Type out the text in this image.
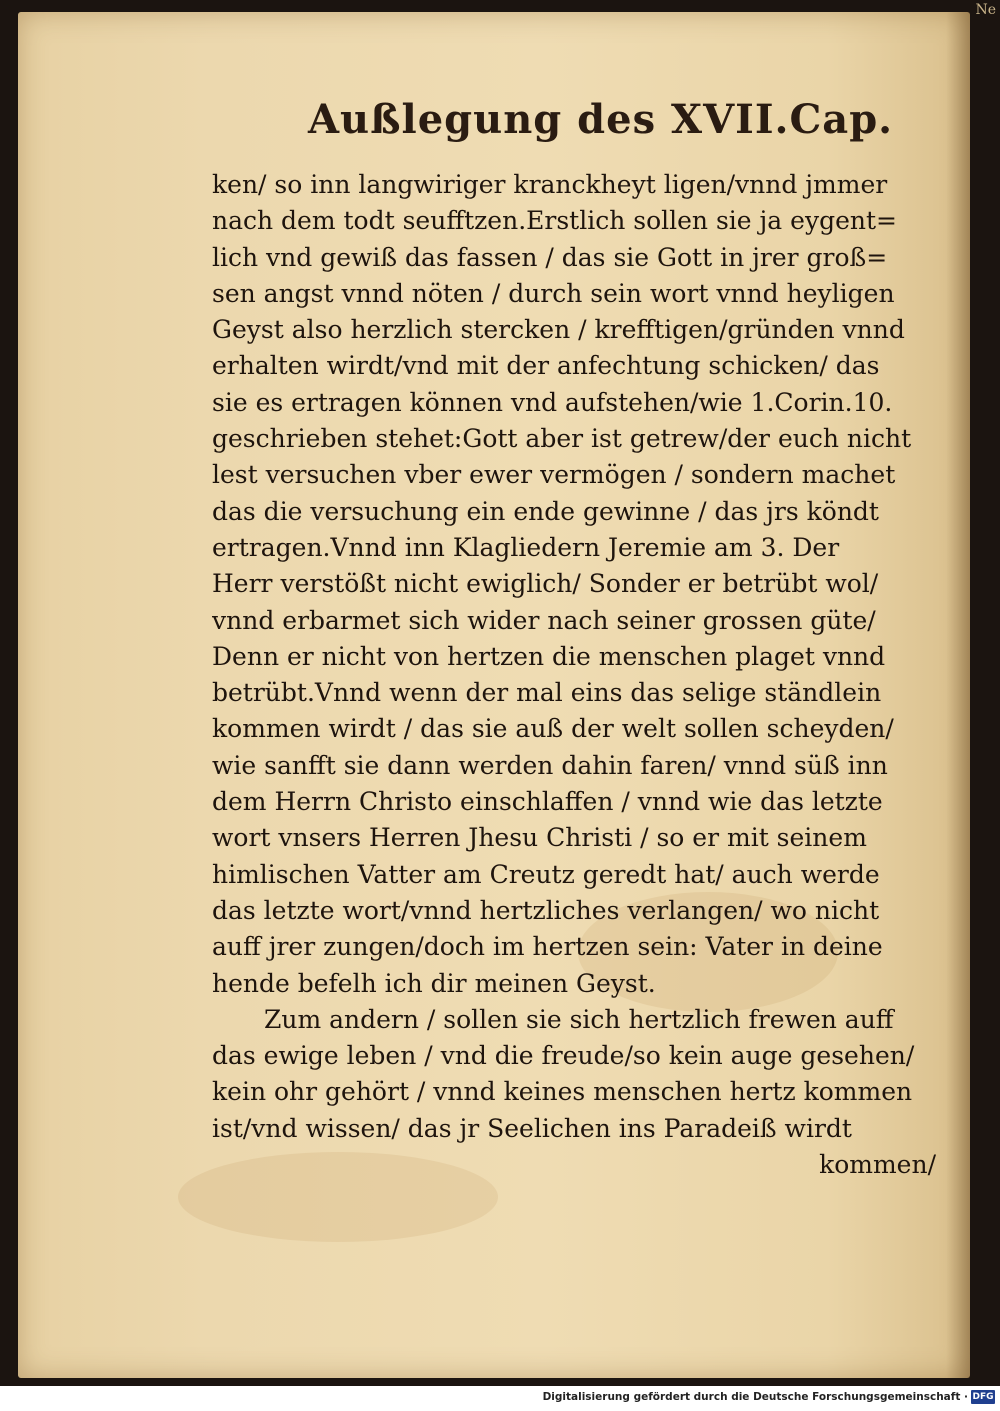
Ne
Außlegung des XVII.Cap.
ken/ so inn langwiriger kranckheyt ligen/vnnd jmmer
nach dem todt seufftzen.Erstlich sollen sie ja eygent=
lich vnd gewiß das fassen / das sie Gott in jrer groß=
sen angst vnnd nöten / durch sein wort vnnd heyligen
Geyst also herzlich stercken / krefftigen/gründen vnnd
erhalten wirdt/vnd mit der anfechtung schicken/ das
sie es ertragen können vnd aufstehen/wie 1.Corin.10.
geschrieben stehet:Gott aber ist getrew/der euch nicht
lest versuchen vber ewer vermögen / sondern machet
das die versuchung ein ende gewinne / das jrs köndt
ertragen.Vnnd inn Klagliedern Jeremie am 3. Der
Herr verstößt nicht ewiglich/ Sonder er betrübt wol/
vnnd erbarmet sich wider nach seiner grossen güte/
Denn er nicht von hertzen die menschen plaget vnnd
betrübt.Vnnd wenn der mal eins das selige ständlein
kommen wirdt / das sie auß der welt sollen scheyden/
wie sanfft sie dann werden dahin faren/ vnnd süß inn
dem Herrn Christo einschlaffen / vnnd wie das letzte
wort vnsers Herren Jhesu Christi / so er mit seinem
himlischen Vatter am Creutz geredt hat/ auch werde
das letzte wort/vnnd hertzliches verlangen/ wo nicht
auff jrer zungen/doch im hertzen sein: Vater in deine
hende befelh ich dir meinen Geyst.
Zum andern / sollen sie sich hertzlich frewen auff
das ewige leben / vnd die freude/so kein auge gesehen/
kein ohr gehört / vnnd keines menschen hertz kommen
ist/vnd wissen/ das jr Seelichen ins Paradeiß wirdt
kommen/
Digitalisierung gefördert durch die Deutsche Forschungsgemeinschaft · DFG
